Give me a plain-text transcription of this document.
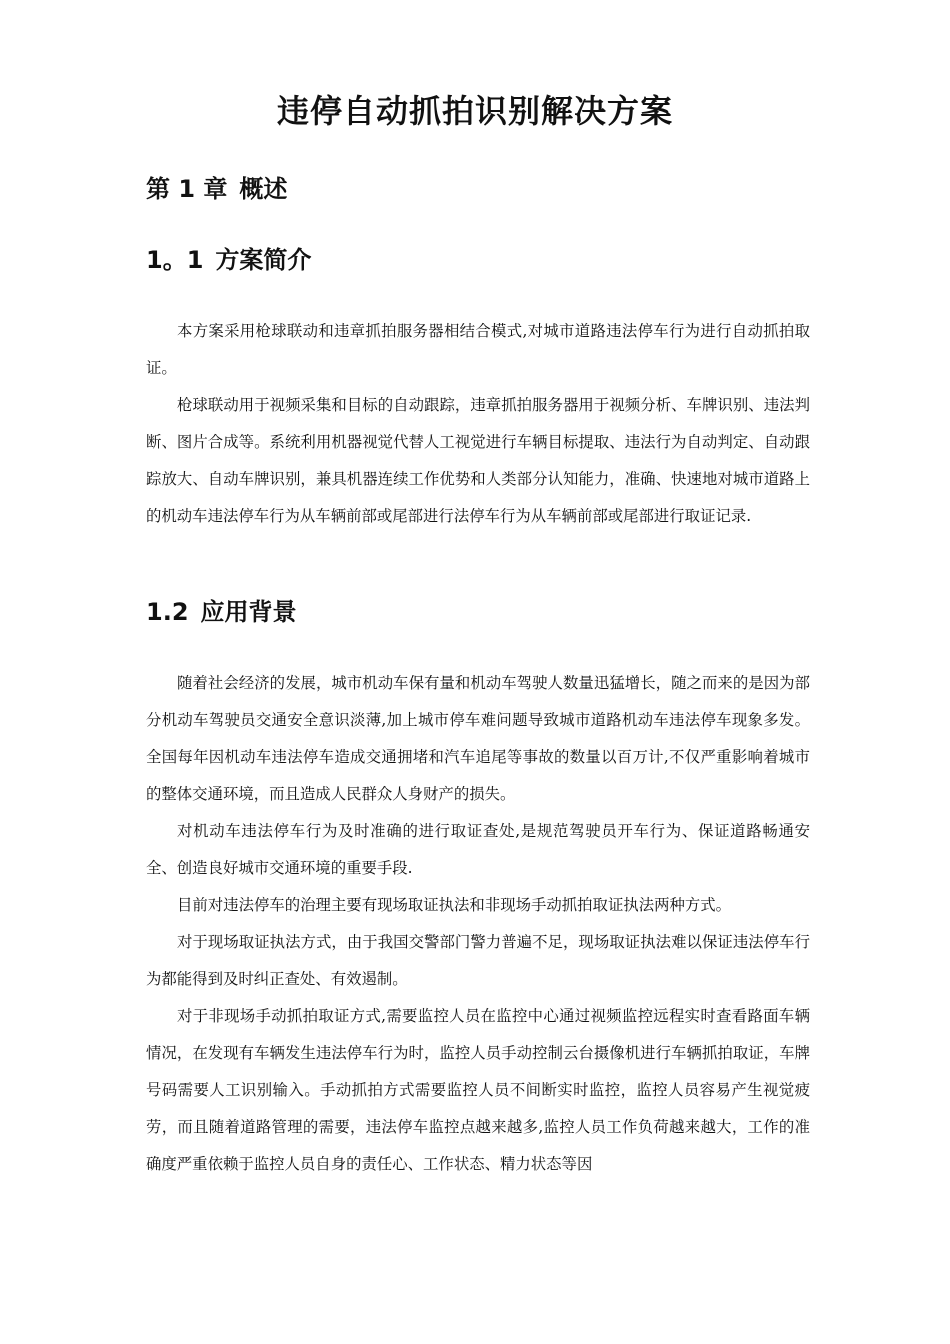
违停自动抓拍识别解决方案
第 1 章 概述
1。1 方案简介

本方案采用枪球联动和违章抓拍服务器相结合模式,对城市道路违法停车行为进行自动抓拍取证。

枪球联动用于视频采集和目标的自动跟踪，违章抓拍服务器用于视频分析、车牌识别、违法判断、图片合成等。系统利用机器视觉代替人工视觉进行车辆目标提取、违法行为自动判定、自动跟踪放大、自动车牌识别，兼具机器连续工作优势和人类部分认知能力，准确、快速地对城市道路上的机动车违法停车行为从车辆前部或尾部进行法停车行为从车辆前部或尾部进行取证记录.

1.2 应用背景

随着社会经济的发展，城市机动车保有量和机动车驾驶人数量迅猛增长，随之而来的是因为部分机动车驾驶员交通安全意识淡薄,加上城市停车难问题导致城市道路机动车违法停车现象多发。全国每年因机动车违法停车造成交通拥堵和汽车追尾等事故的数量以百万计,不仅严重影响着城市的整体交通环境，而且造成人民群众人身财产的损失。

对机动车违法停车行为及时准确的进行取证查处,是规范驾驶员开车行为、保证道路畅通安全、创造良好城市交通环境的重要手段.

目前对违法停车的治理主要有现场取证执法和非现场手动抓拍取证执法两种方式。

对于现场取证执法方式，由于我国交警部门警力普遍不足，现场取证执法难以保证违法停车行为都能得到及时纠正查处、有效遏制。

对于非现场手动抓拍取证方式,需要监控人员在监控中心通过视频监控远程实时查看路面车辆情况，在发现有车辆发生违法停车行为时，监控人员手动控制云台摄像机进行车辆抓拍取证，车牌号码需要人工识别输入。手动抓拍方式需要监控人员不间断实时监控，监控人员容易产生视觉疲劳，而且随着道路管理的需要，违法停车监控点越来越多,监控人员工作负荷越来越大，工作的准确度严重依赖于监控人员自身的责任心、工作状态、精力状态等因
